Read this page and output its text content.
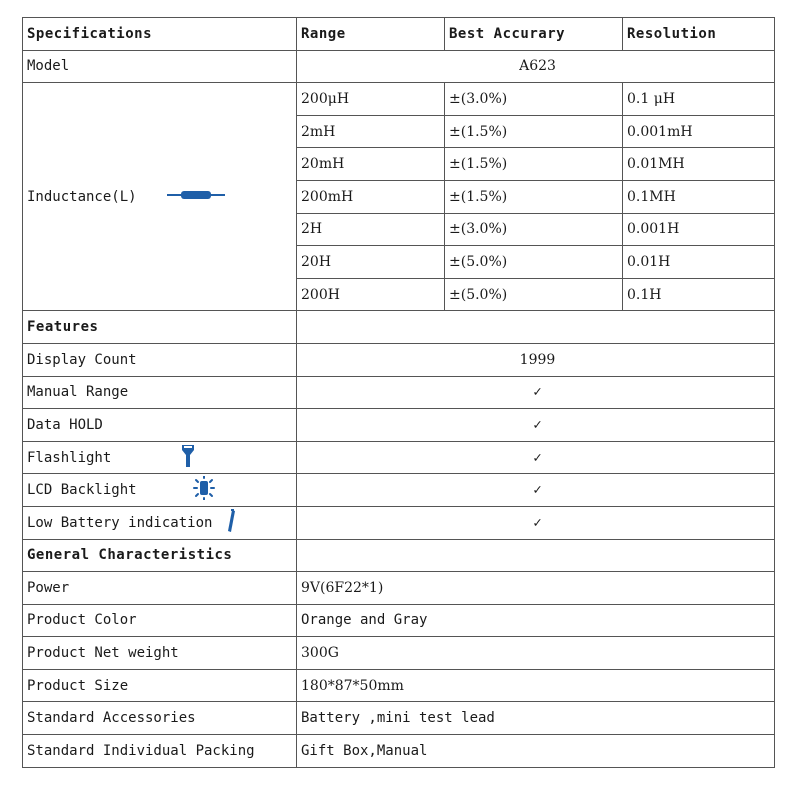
Specifications	Range	Best Accurary	Resolution
Model	A623		

Inductance(L)	200μH	±(3.0%)	0.1 μH
	2mH	±(1.5%)	0.001mH
	20mH	±(1.5%)	0.01MH
	200mH	±(1.5%)	0.1MH
	2H	±(3.0%)	0.001H
	20H	±(5.0%)	0.01H
	200H	±(5.0%)	0.1H
Features			
Display Count	1999		
Manual Range	✓		
Data HOLD	✓		

Flashlight	✓		

LCD Backlight	✓		

Low Battery indication	✓		
General Characteristics			
Power	9V(6F22*1)		
Product Color	Orange and Gray		
Product Net weight	300G		
Product Size	180*87*50mm		
Standard Accessories	Battery ,mini test lead		
Standard Individual Packing	Gift Box,Manual		
